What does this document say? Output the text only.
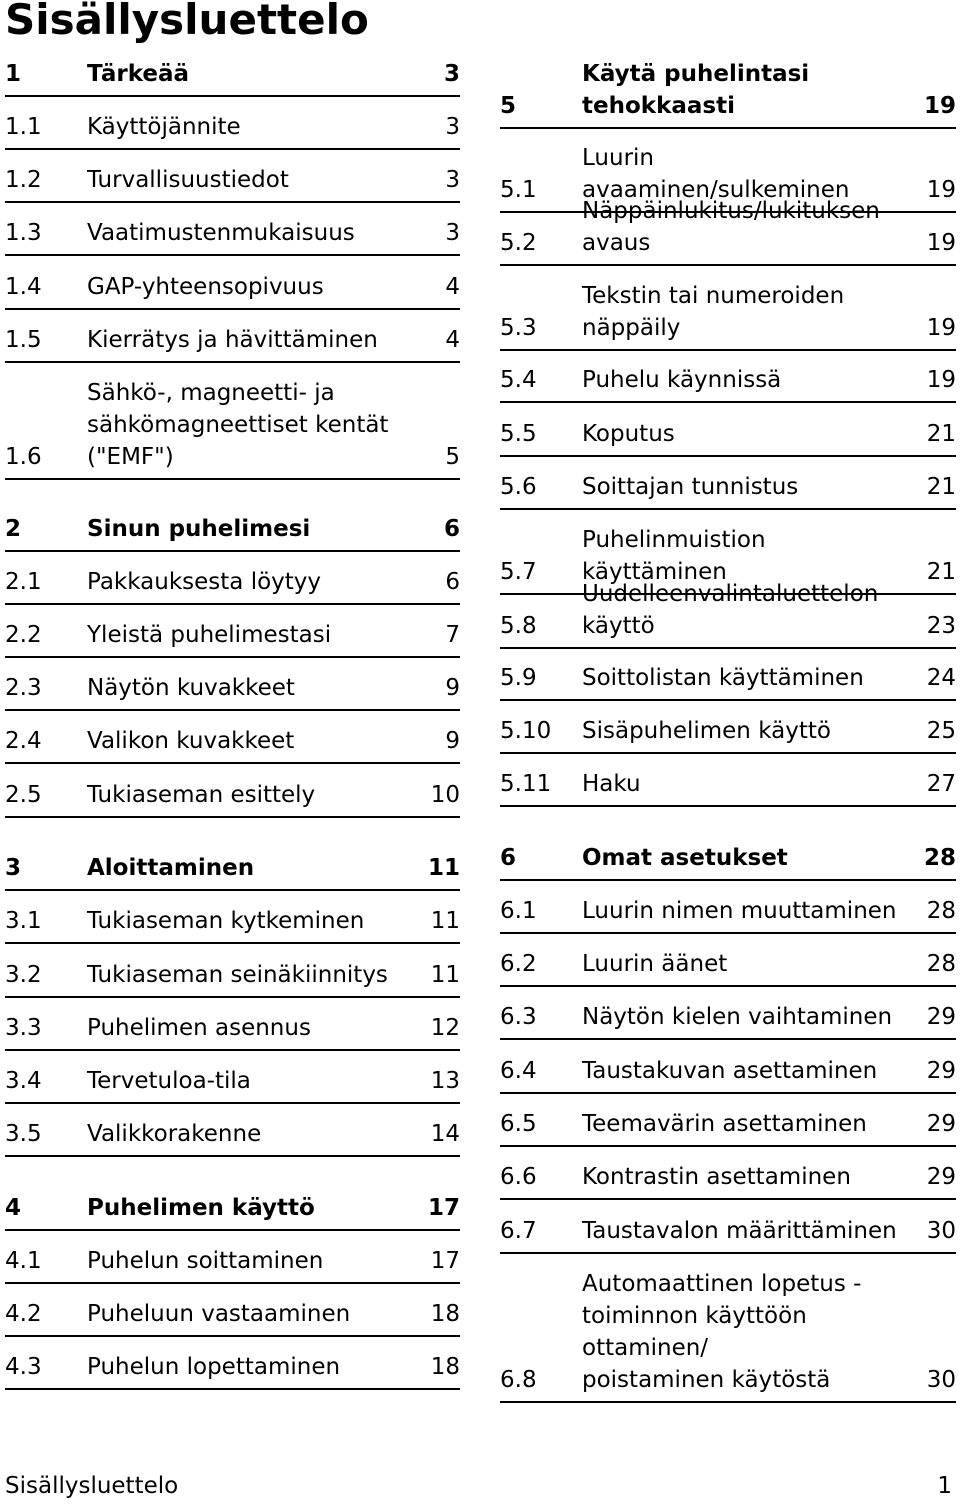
Sisällysluettelo
1	Tärkeää	3
1.1 Käyttöjännite	3
1.2 Turvallisuustiedot	3
1.3 Vaatimustenmukaisuus	3
1.4 GAP-yhteensopivuus	4
1.5 Kierrätys ja hävittäminen	4
1.6
Sähkö-, magneetti- ja
sähkömagneettiset kentät
("EMF")	5
2	Sinun puhelimesi	6
2.1 Pakkauksesta löytyy	6
2.2 Yleistä puhelimestasi	7
2.3 Näytön kuvakkeet	9
2.4 Valikon kuvakkeet	9
2.5 Tukiaseman esittely	10
3	Aloittaminen	11
3.1 Tukiaseman kytkeminen	11
3.2 Tukiaseman seinäkiinnitys	11
3.3 Puhelimen asennus	12
3.4 Tervetuloa-tila	13
3.5 Valikkorakenne	14
4	Puhelimen käyttö	17
4.1 Puhelun soittaminen	17
4.2 Puheluun vastaaminen	18
4.3 Puhelun lopettaminen	18
5
Käytä puhelintasi
tehokkaasti	19
5.1
Luurin avaaminen/sulkeminen	19
5.2
Näppäinlukitus/lukituksen
avaus	19
5.3
Tekstin tai numeroiden
näppäily	19
5.4 Puhelu käynnissä	19
5.5 Koputus	21
5.6 Soittajan tunnistus	21
5.7
Puhelinmuistion käyttäminen	21
5.8
Uudelleenvalintaluettelon
käyttö	23
5.9 Soittolistan käyttäminen	24
5.10 Sisäpuhelimen käyttö	25
5.11 Haku	27
6	Omat asetukset	28
6.1 Luurin nimen muuttaminen	28
6.2 Luurin äänet	28
6.3 Näytön kielen vaihtaminen	29
6.4 Taustakuvan asettaminen	29
6.5 Teemavärin asettaminen	29
6.6 Kontrastin asettaminen	29
6.7 Taustavalon määrittäminen	30
6.8
Automaattinen lopetus -
toiminnon käyttöön ottaminen/
poistaminen käytöstä	30
Sisällysluettelo	1
